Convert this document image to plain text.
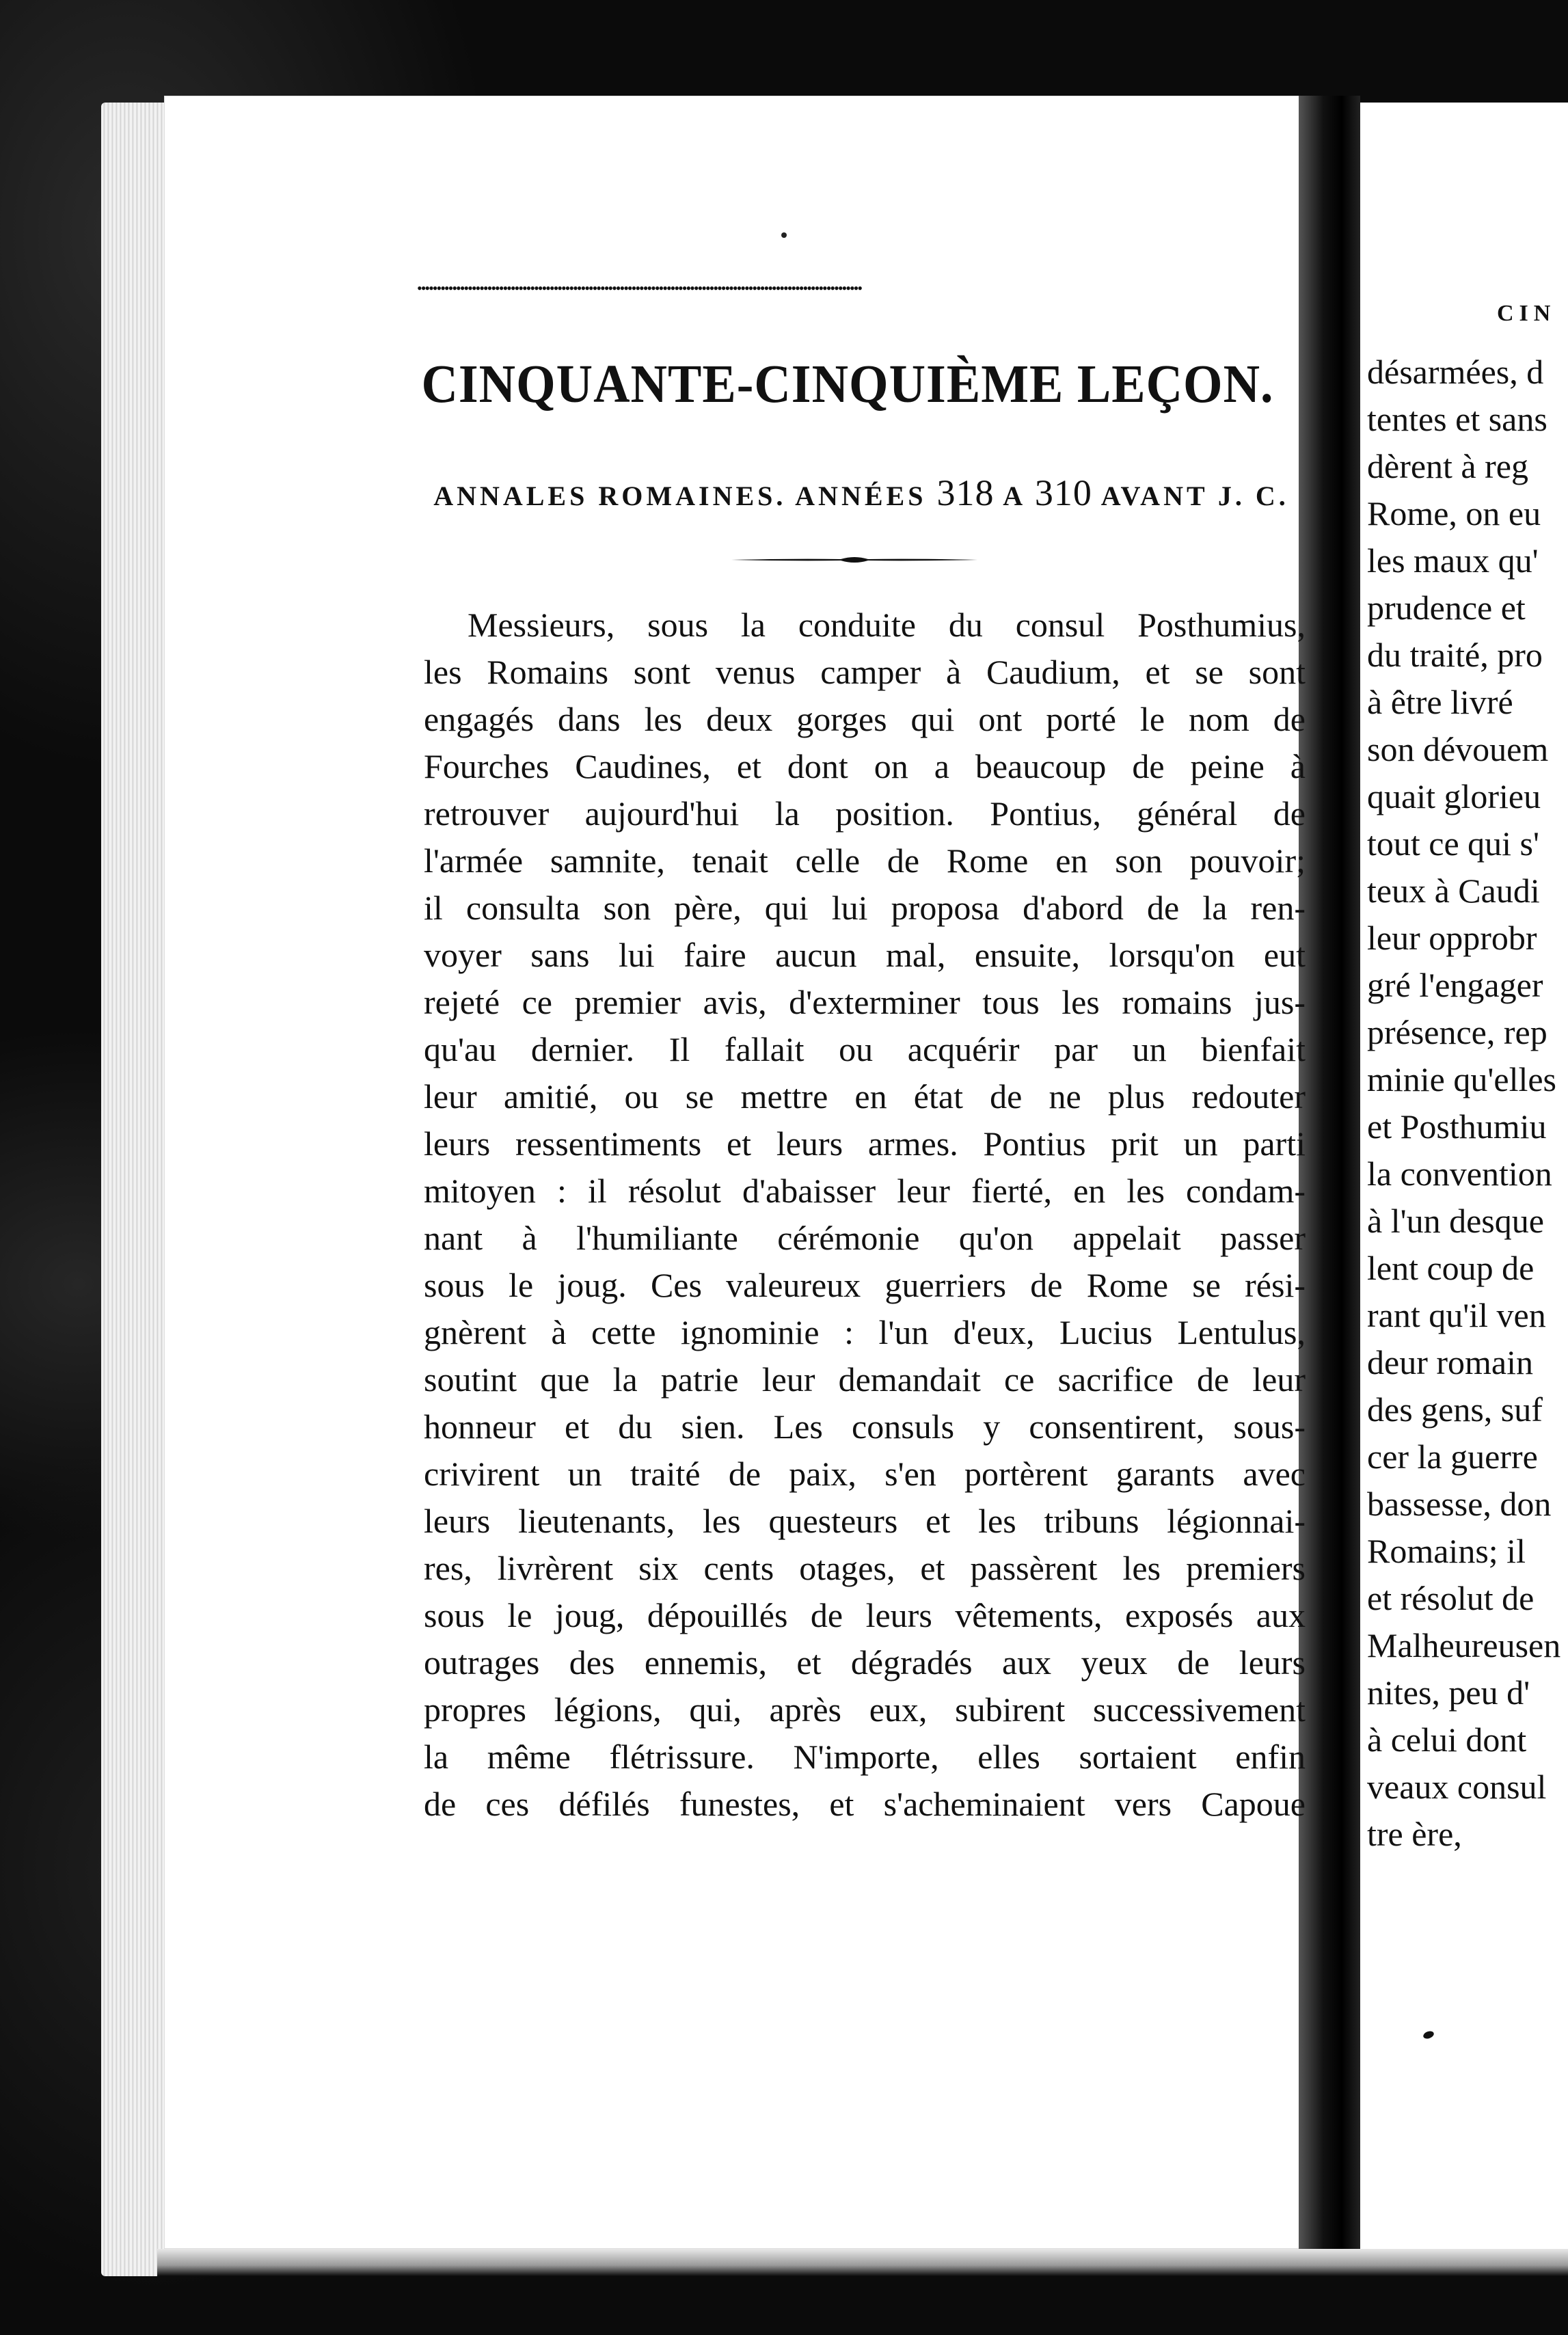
••••••••••••••••••••••••••••••••••••••••••••••••••••••••••••••••••••••••••••••••••••••••••••••••••••••••••••••••••
CINQUANTE-CINQUIÈME LEÇON.
ANNALES ROMAINES. ANNÉES 318 A 310 AVANT J. C.
Messieurs, sous la conduite du consul Posthumius,
les Romains sont venus camper à Caudium, et se sont
engagés dans les deux gorges qui ont porté le nom de
Fourches Caudines, et dont on a beaucoup de peine à
retrouver aujourd'hui la position. Pontius, général de
l'armée samnite, tenait celle de Rome en son pouvoir;
il consulta son père, qui lui proposa d'abord de la ren-
voyer sans lui faire aucun mal, ensuite, lorsqu'on eut
rejeté ce premier avis, d'exterminer tous les romains jus-
qu'au dernier. Il fallait ou acquérir par un bienfait
leur amitié, ou se mettre en état de ne plus redouter
leurs ressentiments et leurs armes. Pontius prit un parti
mitoyen : il résolut d'abaisser leur fierté, en les condam-
nant à l'humiliante cérémonie qu'on appelait passer
sous le joug. Ces valeureux guerriers de Rome se rési-
gnèrent à cette ignominie : l'un d'eux, Lucius Lentulus,
soutint que la patrie leur demandait ce sacrifice de leur
honneur et du sien. Les consuls y consentirent, sous-
crivirent un traité de paix, s'en portèrent garants avec
leurs lieutenants, les questeurs et les tribuns légionnai-
res, livrèrent six cents otages, et passèrent les premiers
sous le joug, dépouillés de leurs vêtements, exposés aux
outrages des ennemis, et dégradés aux yeux de leurs
propres légions, qui, après eux, subirent successivement
la même flétrissure. N'importe, elles sortaient enfin
de ces défilés funestes, et s'acheminaient vers Capoue
CIN
désarmées, d
tentes et sans
dèrent à reg
Rome, on eu
les maux qu'
prudence et
du traité, pro
à être livré
son dévouem
quait glorieu
tout ce qui s'
teux à Caudi
leur opprobr
gré l'engager
présence, rep
minie qu'elles
et Posthumiu
la convention
à l'un desque
lent coup de
rant qu'il ven
deur romain
des gens, suf
cer la guerre
bassesse, don
Romains; il
et résolut de
Malheureusen
nites, peu d'
à celui dont
veaux consul
tre ère,
